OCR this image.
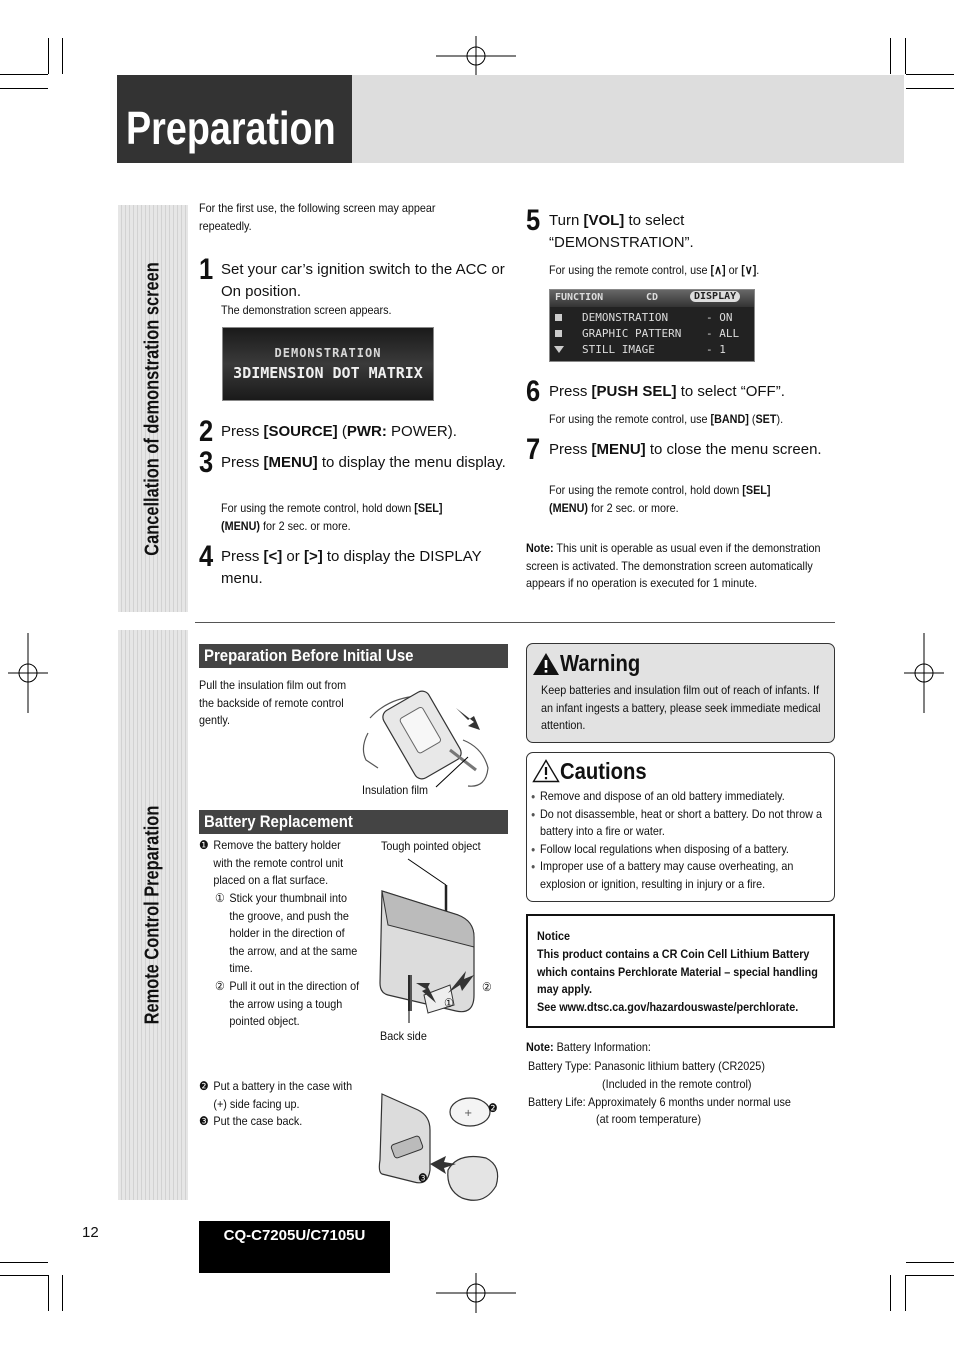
Preparation
Cancellation of demonstration screen
Remote Control Preparation
For the first use, the following screen may appear repeatedly.
1 Set your car’s ignition switch to the ACC or On position.
The demonstration screen appears.
DEMONSTRATION
3DIMENSION DOT MATRIX
2 Press [SOURCE] (PWR: POWER).
3 Press [MENU] to display the menu display.
For using the remote control, hold down [SEL]
(MENU) for 2 sec. or more.
4 Press [<] or [>] to display the DISPLAY menu.
5 Turn [VOL] to select “DEMONSTRATION”.
For using the remote control, use [∧] or [∨].
FUNCTION	CD	DISPLAY
DEMONSTRATION	- ON
GRAPHIC PATTERN - ALL
STILL IMAGE	- 1
6 Press [PUSH SEL] to select “OFF”.
For using the remote control, use [BAND] (SET).
7 Press [MENU] to close the menu screen.
For using the remote control, hold down [SEL]
(MENU) for 2 sec. or more.
Note: This unit is operable as usual even if the demonstration screen is activated. The demonstration screen automatically appears if no operation is executed for 1 minute.
Preparation Before Initial Use
Pull the insulation film out from the backside of remote control gently.
Insulation film
Battery Replacement
❶ Remove the battery holder with the remote control unit placed on a flat surface.
① Stick your thumbnail into the groove, and push the holder in the direction of the arrow, and at the same time.
② Pull it out in the direction of the arrow using a tough pointed object.
Tough pointed object
①
②
Back side
❷ Put a battery in the case with (+) side facing up.
❸ Put the case back.
+ ❷
❸
Warning
Keep batteries and insulation film out of reach of infants. If an infant ingests a battery, please seek immediate medical attention.
Cautions
● Remove and dispose of an old battery immediately.
● Do not disassemble, heat or short a battery. Do not throw a battery into a fire or water.
● Follow local regulations when disposing of a battery.
● Improper use of a battery may cause overheating, an explosion or ignition, resulting in injury or a fire.
Notice
This product contains a CR Coin Cell Lithium Battery which contains Perchlorate Material – special handling may apply.
See www.dtsc.ca.gov/hazardouswaste/perchlorate.
Note: Battery Information:
Battery Type: Panasonic lithium battery (CR2025)
(Included in the remote control)
Battery Life: Approximately 6 months under normal use
(at room temperature)
12	CQ-C7205U/C7105U
